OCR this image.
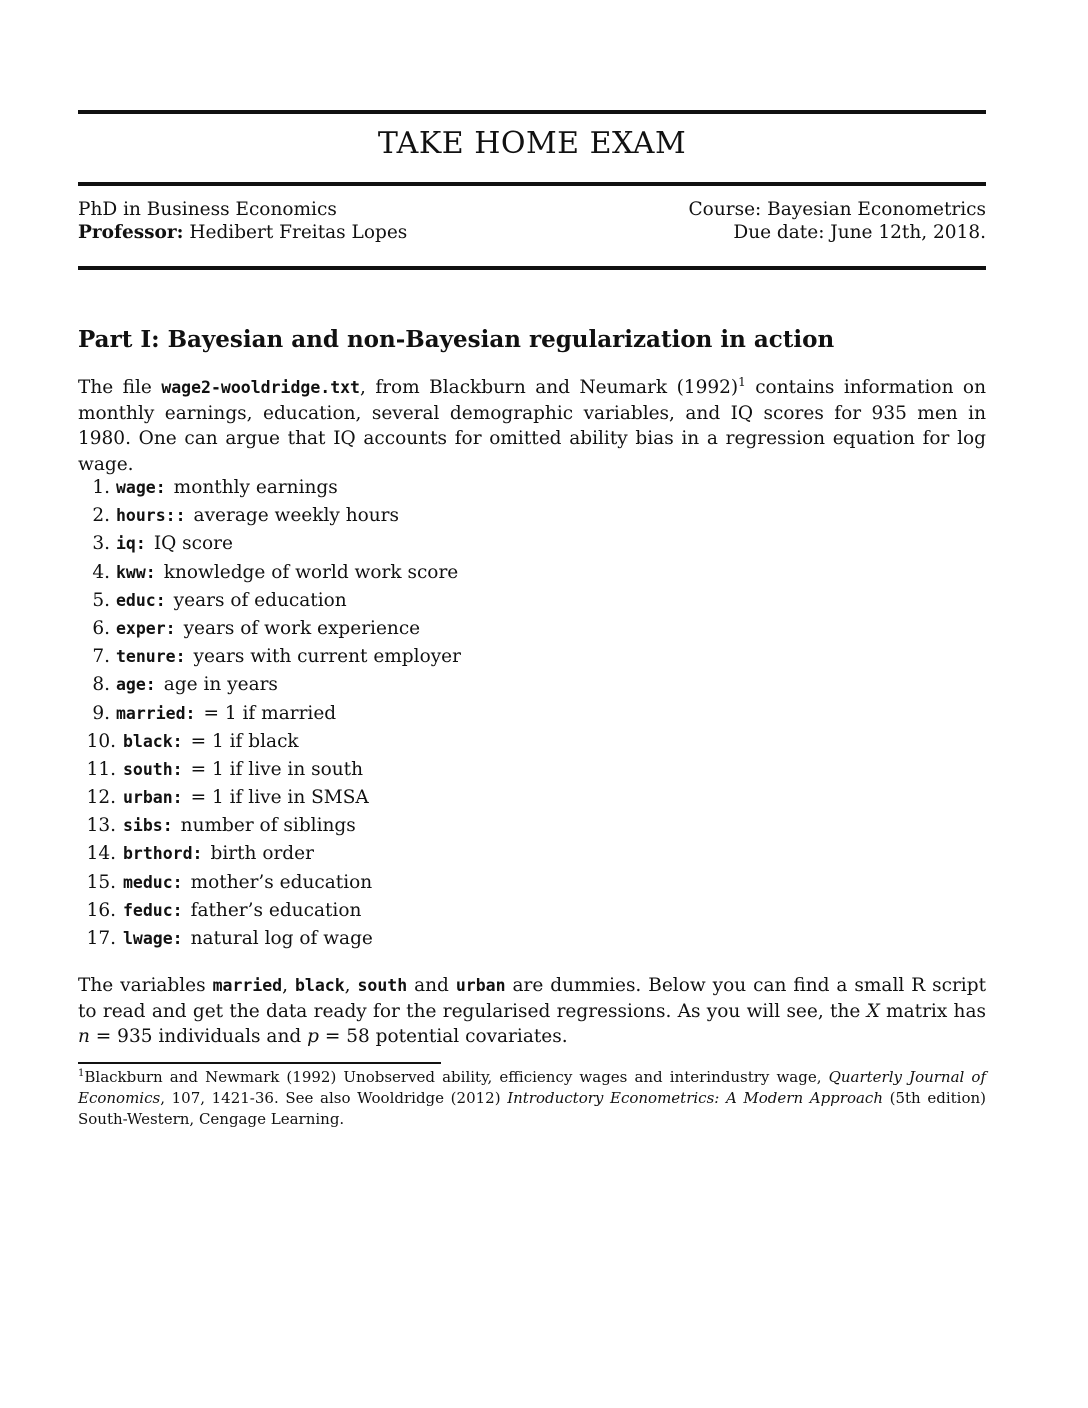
TAKE HOME EXAM
PhD in Business Economics
Professor: Hedibert Freitas Lopes
Course: Bayesian Econometrics
Due date: June 12th, 2018.
Part I: Bayesian and non-Bayesian regularization in action
The file wage2-wooldridge.txt, from Blackburn and Neumark $(1992)^1$ contains information on monthly earnings, education, several demographic variables, and IQ scores for 935 men in 1980. One can argue that IQ accounts for omitted ability bias in a regression equation for log wage.
1. wage: monthly earnings
2. hours:: average weekly hours
3. iq: IQ score
4. kww: knowledge of world work score
5. educ: years of education
6. exper: years of work experience
7. tenure: years with current employer
8. age: age in years
9. married: = 1 if married
10. black: = 1 if black
11. south: = 1 if live in south
12. urban: = 1 if live in SMSA
13. sibs: number of siblings
14. brthord: birth order
15. meduc: mother’s education
16. feduc: father’s education
17. lwage: natural log of wage
The variables married, black, south and urban are dummies. Below you can find a small R script to read and get the data ready for the regularised regressions. As you will see, the X matrix has n = 935 individuals and p = 58 potential covariates.
$^1$Blackburn and Newmark (1992) Unobserved ability, efficiency wages and interindustry wage, Quarterly Journal of Economics, 107, 1421-36. See also Wooldridge (2012) Introductory Econometrics: A Modern Approach (5th edition) South-Western, Cengage Learning.
